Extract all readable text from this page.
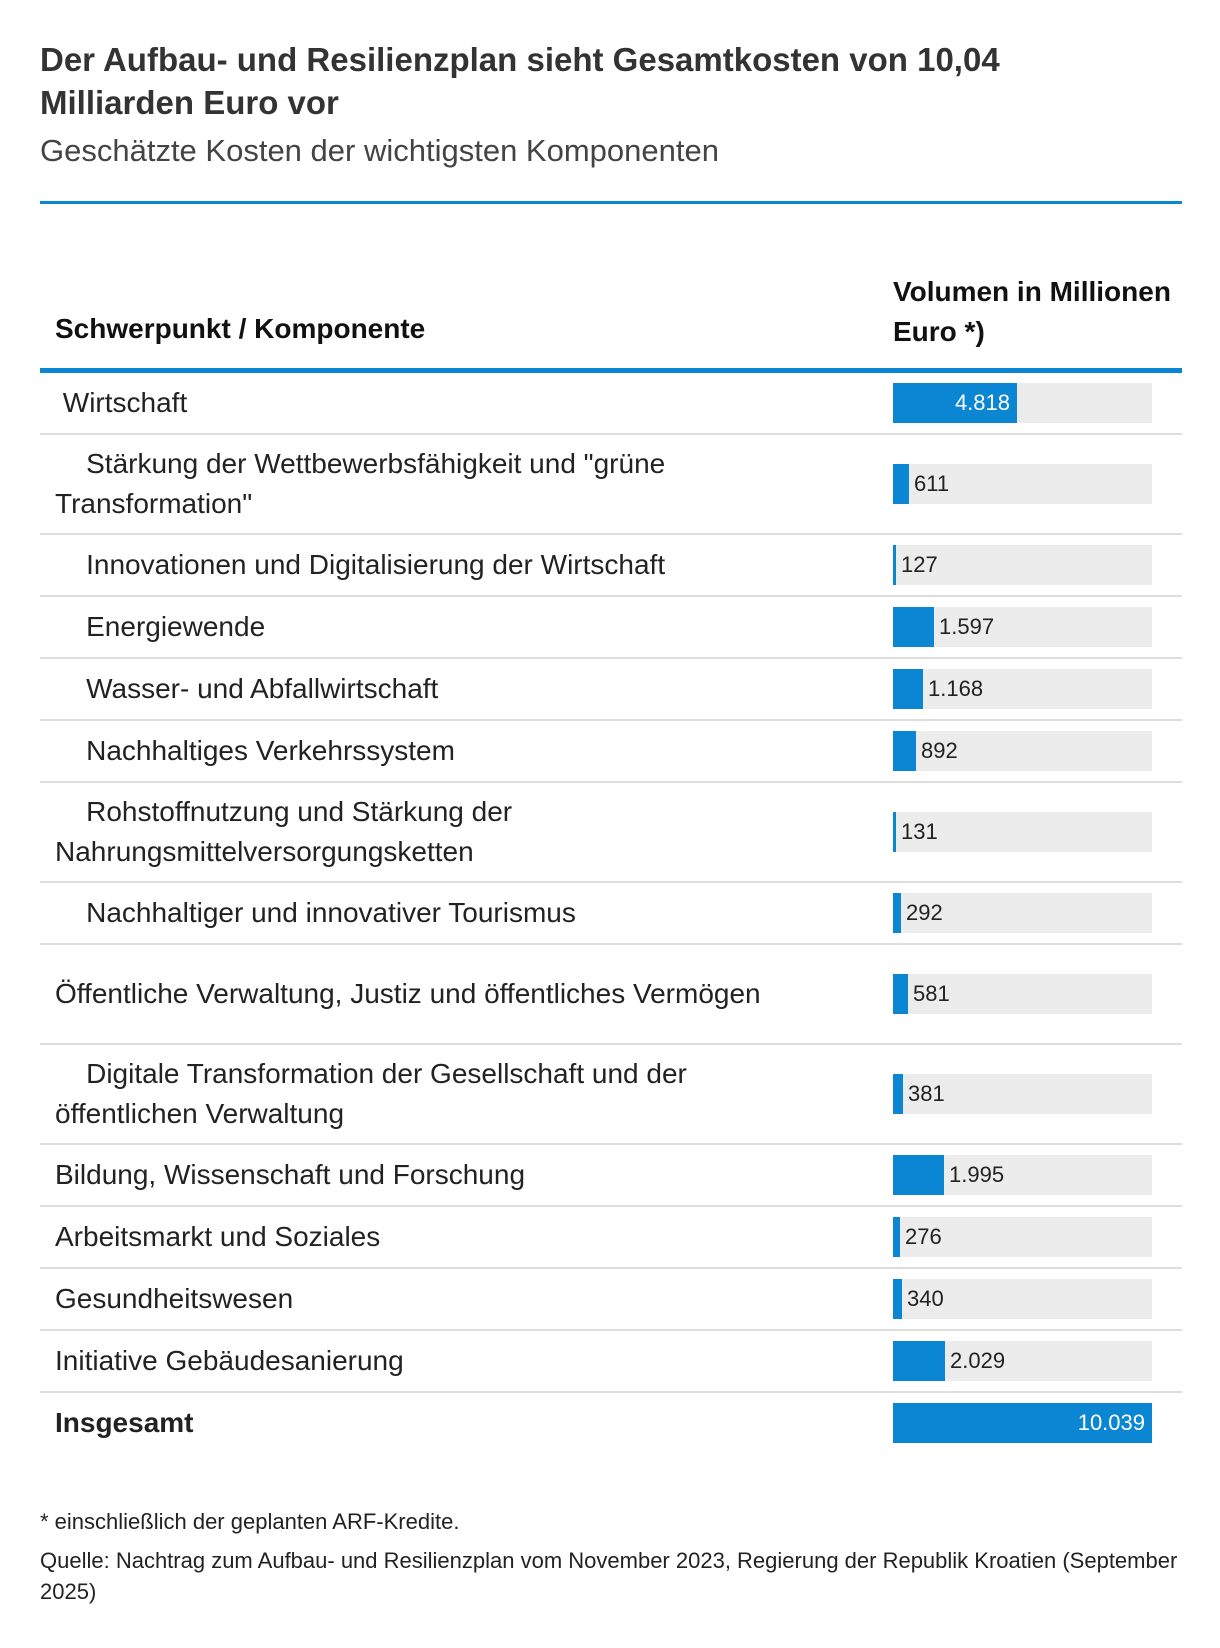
Der Aufbau- und Resilienzplan sieht Gesamtkosten von 10,04 Milliarden Euro vor
Geschätzte Kosten der wichtigsten Komponenten
Schwerpunkt / Komponente
Volumen in Millionen Euro *)
Wirtschaft	4.818
Stärkung der Wettbewerbsfähigkeit und "grüne Transformation"
611
Innovationen und Digitalisierung der Wirtschaft	127
Energiewende	1.597
Wasser- und Abfallwirtschaft	1.168
Nachhaltiges Verkehrssystem	892
Rohstoffnutzung und Stärkung der Nahrungsmittelversorgungsketten
131
Nachhaltiger und innovativer Tourismus	292
Öffentliche Verwaltung, Justiz und öffentliches Vermögen	581
Digitale Transformation der Gesellschaft und der öffentlichen Verwaltung
381
Bildung, Wissenschaft und Forschung	1.995
Arbeitsmarkt und Soziales	276
Gesundheitswesen	340
Initiative Gebäudesanierung	2.029
Insgesamt	10.039
* einschließlich der geplanten ARF-Kredite.
Quelle: Nachtrag zum Aufbau- und Resilienzplan vom November 2023, Regierung der Republik Kroatien (September 2025)
